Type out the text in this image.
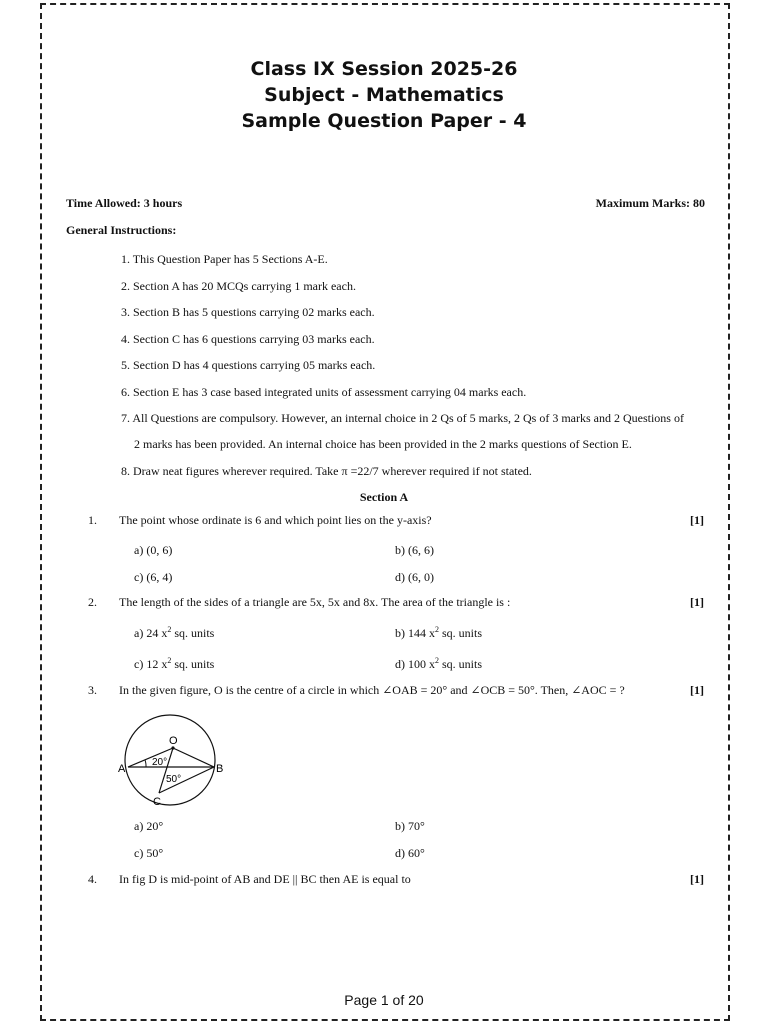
Class IX Session 2025-26
Subject - Mathematics
Sample Question Paper - 4
Time Allowed: 3 hours	Maximum Marks: 80
General Instructions:
1. This Question Paper has 5 Sections A-E.
2. Section A has 20 MCQs carrying 1 mark each.
3. Section B has 5 questions carrying 02 marks each.
4. Section C has 6 questions carrying 03 marks each.
5. Section D has 4 questions carrying 05 marks each.
6. Section E has 3 case based integrated units of assessment carrying 04 marks each.
7. All Questions are compulsory. However, an internal choice in 2 Qs of 5 marks, 2 Qs of 3 marks and 2 Questions of
2 marks has been provided. An internal choice has been provided in the 2 marks questions of Section E.
8. Draw neat figures wherever required. Take π =22/7 wherever required if not stated.
Section A
1. The point whose ordinate is 6 and which point lies on the y-axis?	[1]
a) (0, 6)	b) (6, 6)
c) (6, 4)	d) (6, 0)
2. The length of the sides of a triangle are 5x, 5x and 8x. The area of the triangle is :	[1]
a) 24 $x^2$ sq. units	b) 144 $x^2$ sq. units
c) 12 $x^2$ sq. units	d) 100 $x^2$ sq. units
3. In the given figure, O is the centre of a circle in which ∠OAB = 20° and ∠OCB = 50°. Then, ∠AOC = ?	[1]
O
A	B
C
20°
50°
a) 20°	b) 70°
c) 50°	d) 60°
4. In fig D is mid-point of AB and DE || BC then AE is equal to	[1]
Page 1 of 20
